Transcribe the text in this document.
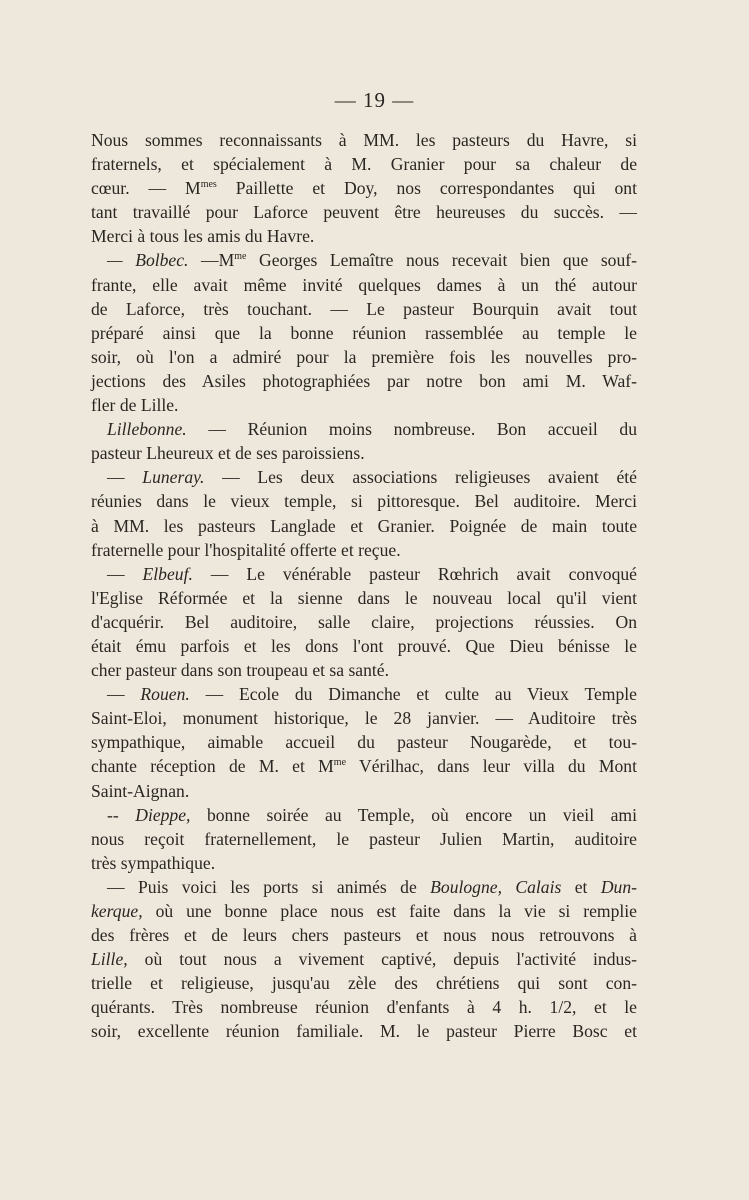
— 19 —
Nous sommes reconnaissants à MM. les pasteurs du Havre, si
fraternels, et spécialement à M. Granier pour sa chaleur de
cœur. — $M^{mes}$ Paillette et Doy, nos correspondantes qui ont
tant travaillé pour Laforce peuvent être heureuses du succès. —
Merci à tous les amis du Havre.
— Bolbec. $—M^{me}$ Georges Lemaître nous recevait bien que souf-
frante, elle avait même invité quelques dames à un thé autour
de Laforce, très touchant. — Le pasteur Bourquin avait tout
préparé ainsi que la bonne réunion rassemblée au temple le
soir, où l'on a admiré pour la première fois les nouvelles pro-
jections des Asiles photographiées par notre bon ami M. Waf-
fler de Lille.
Lillebonne. — Réunion moins nombreuse. Bon accueil du
pasteur Lheureux et de ses paroissiens.
— Luneray. — Les deux associations religieuses avaient été
réunies dans le vieux temple, si pittoresque. Bel auditoire. Merci
à MM. les pasteurs Langlade et Granier. Poignée de main toute
fraternelle pour l'hospitalité offerte et reçue.
— Elbeuf. — Le vénérable pasteur Rœhrich avait convoqué
l'Eglise Réformée et la sienne dans le nouveau local qu'il vient
d'acquérir. Bel auditoire, salle claire, projections réussies. On
était ému parfois et les dons l'ont prouvé. Que Dieu bénisse le
cher pasteur dans son troupeau et sa santé.
— Rouen. — Ecole du Dimanche et culte au Vieux Temple
Saint-Eloi, monument historique, le 28 janvier. — Auditoire très
sympathique, aimable accueil du pasteur Nougarède, et tou-
chante réception de M. et $M^{me}$ Vérilhac, dans leur villa du Mont
Saint-Aignan.
-- Dieppe, bonne soirée au Temple, où encore un vieil ami
nous reçoit fraternellement, le pasteur Julien Martin, auditoire
très sympathique.
— Puis voici les ports si animés de Boulogne, Calais et Dun-
kerque, où une bonne place nous est faite dans la vie si remplie
des frères et de leurs chers pasteurs et nous nous retrouvons à
Lille, où tout nous a vivement captivé, depuis l'activité indus-
trielle et religieuse, jusqu'au zèle des chrétiens qui sont con-
quérants. Très nombreuse réunion d'enfants à 4 h. 1/2, et le
soir, excellente réunion familiale. M. le pasteur Pierre Bosc et
